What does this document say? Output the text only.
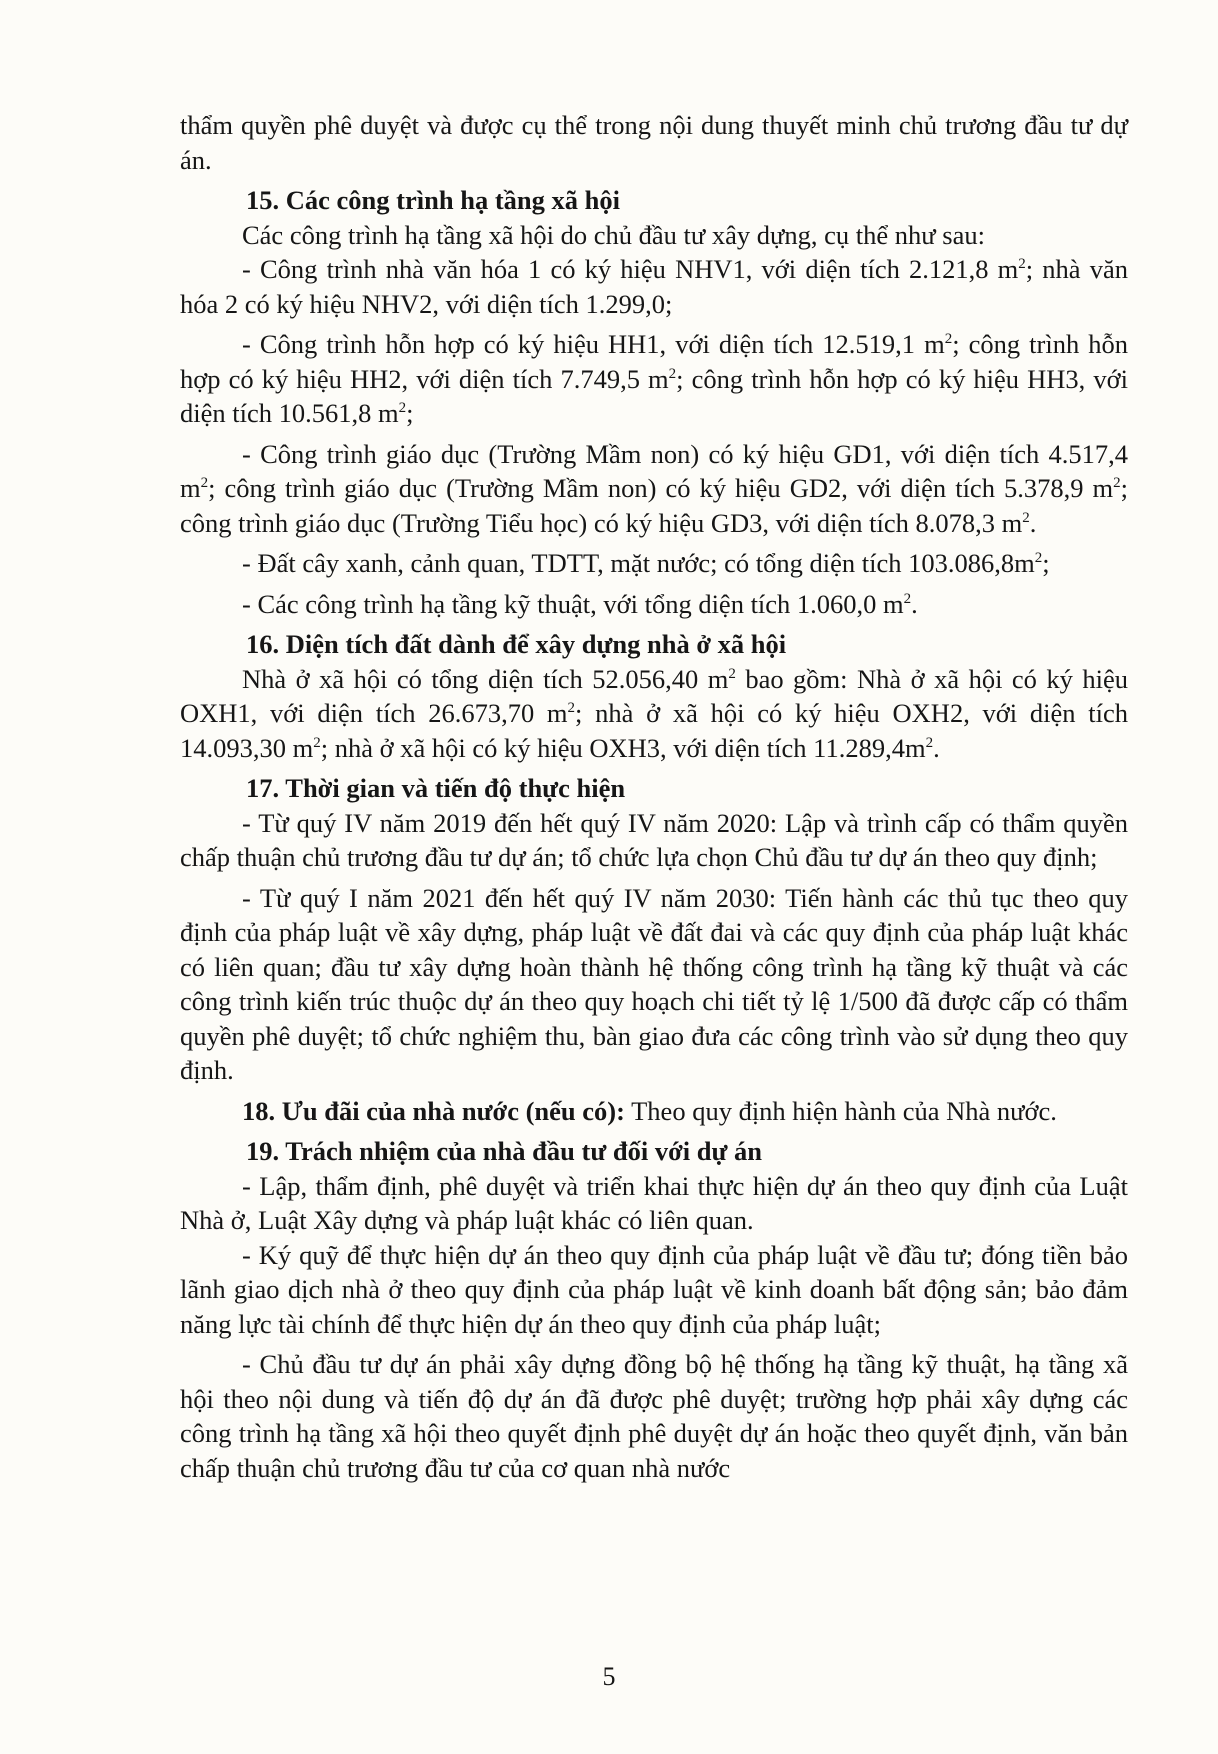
thẩm quyền phê duyệt và được cụ thể trong nội dung thuyết minh chủ trương đầu tư dự án.

15. Các công trình hạ tầng xã hội

Các công trình hạ tầng xã hội do chủ đầu tư xây dựng, cụ thể như sau:

- Công trình nhà văn hóa 1 có ký hiệu NHV1, với diện tích 2.121,8 $m^2$; nhà văn hóa 2 có ký hiệu NHV2, với diện tích 1.299,0;

- Công trình hỗn hợp có ký hiệu HH1, với diện tích 12.519,1 $m^2$; công trình hỗn hợp có ký hiệu HH2, với diện tích 7.749,5 $m^2$; công trình hỗn hợp có ký hiệu HH3, với diện tích 10.561,8 $m^2$;

- Công trình giáo dục (Trường Mầm non) có ký hiệu GD1, với diện tích 4.517,4 $m^2$; công trình giáo dục (Trường Mầm non) có ký hiệu GD2, với diện tích 5.378,9 $m^2$; công trình giáo dục (Trường Tiểu học) có ký hiệu GD3, với diện tích 8.078,3 $m^2$.

- Đất cây xanh, cảnh quan, TDTT, mặt nước; có tổng diện tích $103.086,8m^2$;

- Các công trình hạ tầng kỹ thuật, với tổng diện tích 1.060,0 $m^2$.

16. Diện tích đất dành để xây dựng nhà ở xã hội

Nhà ở xã hội có tổng diện tích 52.056,40 $m^2$ bao gồm: Nhà ở xã hội có ký hiệu OXH1, với diện tích 26.673,70 $m^2$; nhà ở xã hội có ký hiệu OXH2, với diện tích 14.093,30 $m^2$; nhà ở xã hội có ký hiệu OXH3, với diện tích $11.289,4m^2$.

17. Thời gian và tiến độ thực hiện

- Từ quý IV năm 2019 đến hết quý IV năm 2020: Lập và trình cấp có thẩm quyền chấp thuận chủ trương đầu tư dự án; tổ chức lựa chọn Chủ đầu tư dự án theo quy định;

- Từ quý I năm 2021 đến hết quý IV năm 2030: Tiến hành các thủ tục theo quy định của pháp luật về xây dựng, pháp luật về đất đai và các quy định của pháp luật khác có liên quan; đầu tư xây dựng hoàn thành hệ thống công trình hạ tầng kỹ thuật và các công trình kiến trúc thuộc dự án theo quy hoạch chi tiết tỷ lệ 1/500 đã được cấp có thẩm quyền phê duyệt; tổ chức nghiệm thu, bàn giao đưa các công trình vào sử dụng theo quy định.

18. Ưu đãi của nhà nước (nếu có): Theo quy định hiện hành của Nhà nước.

19. Trách nhiệm của nhà đầu tư đối với dự án

- Lập, thẩm định, phê duyệt và triển khai thực hiện dự án theo quy định của Luật Nhà ở, Luật Xây dựng và pháp luật khác có liên quan.

- Ký quỹ để thực hiện dự án theo quy định của pháp luật về đầu tư; đóng tiền bảo lãnh giao dịch nhà ở theo quy định của pháp luật về kinh doanh bất động sản; bảo đảm năng lực tài chính để thực hiện dự án theo quy định của pháp luật;

- Chủ đầu tư dự án phải xây dựng đồng bộ hệ thống hạ tầng kỹ thuật, hạ tầng xã hội theo nội dung và tiến độ dự án đã được phê duyệt; trường hợp phải xây dựng các công trình hạ tầng xã hội theo quyết định phê duyệt dự án hoặc theo quyết định, văn bản chấp thuận chủ trương đầu tư của cơ quan nhà nước

5
